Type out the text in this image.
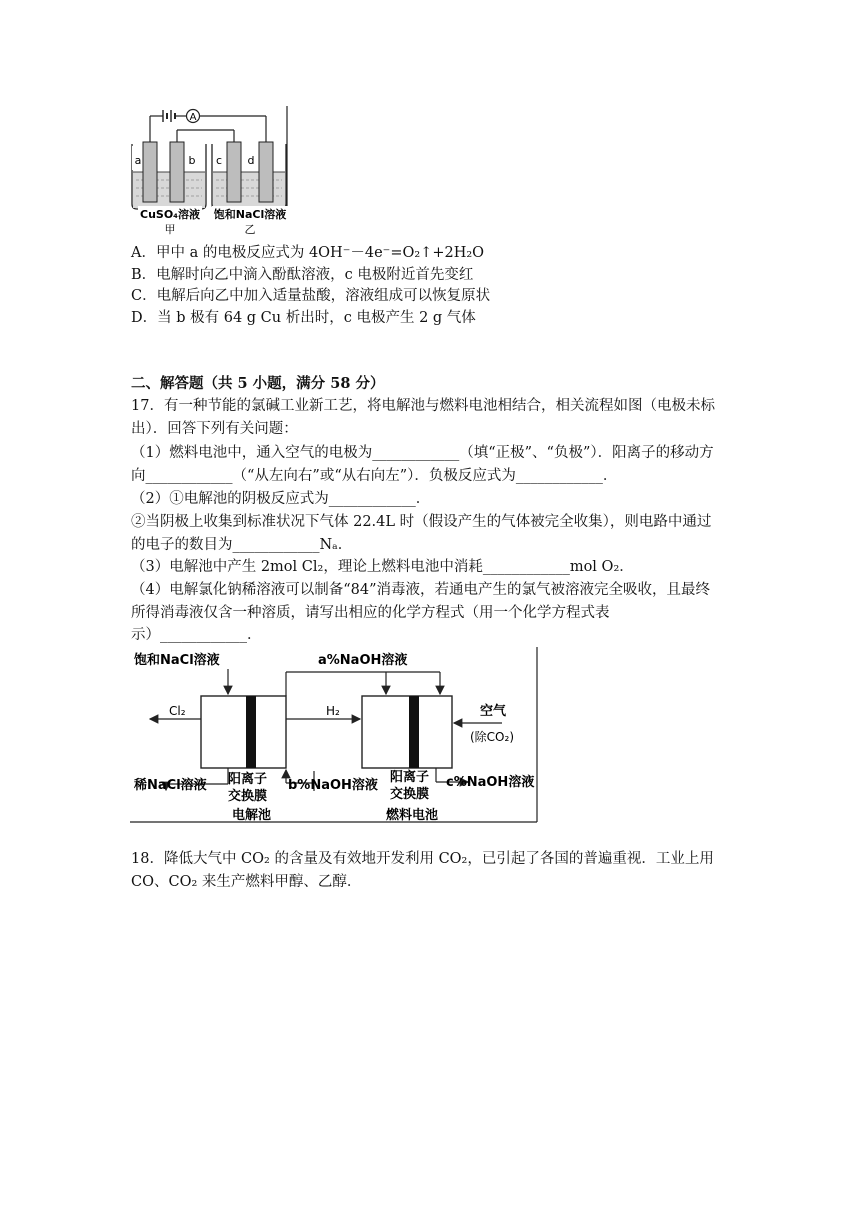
A
a	b c d
CuSO₄溶液 饱和NaCl溶液
甲	乙
A．甲中 a 的电极反应式为 4OH⁻－4e⁻=O₂↑+2H₂O
B．电解时向乙中滴入酚酞溶液，c 电极附近首先变红
C．电解后向乙中加入适量盐酸，溶液组成可以恢复原状
D．当 b 极有 64 g Cu 析出时，c 电极产生 2 g 气体
二、解答题（共 5 小题，满分 58 分）
17．有一种节能的氯碱工业新工艺，将电解池与燃料电池相结合，相关流程如图（电极未标
出）．回答下列有关问题：
（1）燃料电池中，通入空气的电极为____________（填“正极”、“负极”）．阳离子的移动方
向____________（“从左向右”或“从右向左”）．负极反应式为____________．
（2）①电解池的阴极反应式为____________．
②当阴极上收集到标准状况下气体 22.4L 时（假设产生的气体被完全收集），则电路中通过
的电子的数目为____________Nₐ．
（3）电解池中产生 2mol Cl₂，理论上燃料电池中消耗____________mol O₂．
（4）电解氯化钠稀溶液可以制备“84”消毒液，若通电产生的氯气被溶液完全吸收，且最终
所得消毒液仅含一种溶质，请写出相应的化学方程式（用一个化学方程式表
示）____________．
饱和NaCl溶液	a%NaOH溶液
Cl₂	H₂	空气
(除CO₂)
稀NaCl溶液	b%NaOH溶液	c%NaOH溶液
阳离子
交换膜
阳离子
交换膜
电解池	燃料电池
18．降低大气中 CO₂ 的含量及有效地开发利用 CO₂，已引起了各国的普遍重视．工业上用
CO、CO₂ 来生产燃料甲醇、乙醇．
